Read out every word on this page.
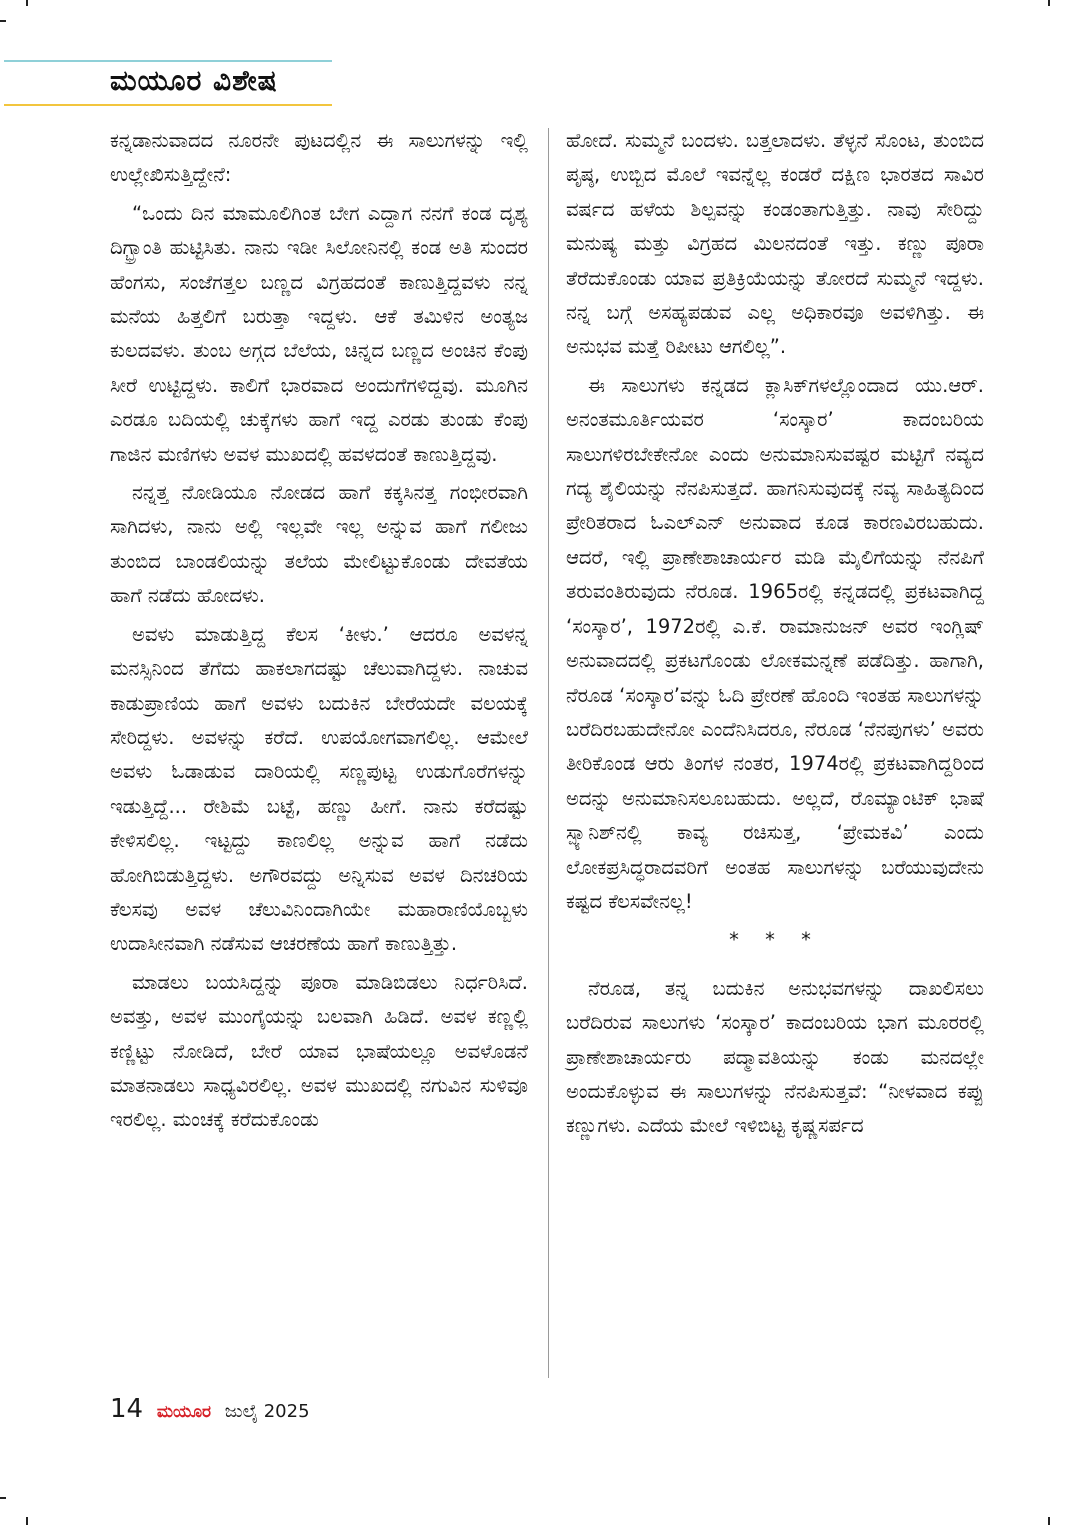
ಮಯೂರ ವಿಶೇಷ

ಕನ್ನಡಾನುವಾದದ ನೂರನೇ ಪುಟದಲ್ಲಿನ ಈ ಸಾಲುಗಳನ್ನು ಇಲ್ಲಿ ಉಲ್ಲೇಖಿಸುತ್ತಿದ್ದೇನೆ:

“ಒಂದು ದಿನ ಮಾಮೂಲಿಗಿಂತ ಬೇಗ ಎದ್ದಾಗ ನನಗೆ ಕಂಡ ದೃಶ್ಯ ದಿಗ್ಭ್ರಾಂತಿ ಹುಟ್ಟಿಸಿತು. ನಾನು ಇಡೀ ಸಿಲೋನಿನಲ್ಲಿ ಕಂಡ ಅತಿ ಸುಂದರ ಹೆಂಗಸು, ಸಂಜೆಗತ್ತಲ ಬಣ್ಣದ ವಿಗ್ರಹದಂತೆ ಕಾಣುತ್ತಿದ್ದವಳು ನನ್ನ ಮನೆಯ ಹಿತ್ತಲಿಗೆ ಬರುತ್ತಾ ಇದ್ದಳು. ಆಕೆ ತಮಿಳಿನ ಅಂತ್ಯಜ ಕುಲದವಳು. ತುಂಬ ಅಗ್ಗದ ಬೆಲೆಯ, ಚಿನ್ನದ ಬಣ್ಣದ ಅಂಚಿನ ಕೆಂಪು ಸೀರೆ ಉಟ್ಟಿದ್ದಳು. ಕಾಲಿಗೆ ಭಾರವಾದ ಅಂದುಗೆಗಳಿದ್ದವು. ಮೂಗಿನ ಎರಡೂ ಬದಿಯಲ್ಲಿ ಚುಕ್ಕೆಗಳು ಹಾಗೆ ಇದ್ದ ಎರಡು ತುಂಡು ಕೆಂಪು ಗಾಜಿನ ಮಣಿಗಳು ಅವಳ ಮುಖದಲ್ಲಿ ಹವಳದಂತೆ ಕಾಣುತ್ತಿದ್ದವು.

ನನ್ನತ್ತ ನೋಡಿಯೂ ನೋಡದ ಹಾಗೆ ಕಕ್ಕಸಿನತ್ತ ಗಂಭೀರವಾಗಿ ಸಾಗಿದಳು, ನಾನು ಅಲ್ಲಿ ಇಲ್ಲವೇ ಇಲ್ಲ ಅನ್ನುವ ಹಾಗೆ ಗಲೀಜು ತುಂಬಿದ ಬಾಂಡಲಿಯನ್ನು ತಲೆಯ ಮೇಲಿಟ್ಟುಕೊಂಡು ದೇವತೆಯ ಹಾಗೆ ನಡೆದು ಹೋದಳು.

ಅವಳು ಮಾಡುತ್ತಿದ್ದ ಕೆಲಸ ‘ಕೀಳು.’ ಆದರೂ ಅವಳನ್ನ ಮನಸ್ಸಿನಿಂದ ತೆಗೆದು ಹಾಕಲಾಗದಷ್ಟು ಚೆಲುವಾಗಿದ್ದಳು. ನಾಚುವ ಕಾಡುಪ್ರಾಣಿಯ ಹಾಗೆ ಅವಳು ಬದುಕಿನ ಬೇರೆಯದೇ ವಲಯಕ್ಕೆ ಸೇರಿದ್ದಳು. ಅವಳನ್ನು ಕರೆದೆ. ಉಪಯೋಗವಾಗಲಿಲ್ಲ. ಆಮೇಲೆ ಅವಳು ಓಡಾಡುವ ದಾರಿಯಲ್ಲಿ ಸಣ್ಣಪುಟ್ಟ ಉಡುಗೊರೆಗಳನ್ನು ಇಡುತ್ತಿದ್ದೆ... ರೇಶಿಮೆ ಬಟ್ಟೆ, ಹಣ್ಣು ಹೀಗೆ. ನಾನು ಕರೆದಷ್ಟು ಕೇಳಿಸಲಿಲ್ಲ. ಇಟ್ಟದ್ದು ಕಾಣಲಿಲ್ಲ ಅನ್ನುವ ಹಾಗೆ ನಡೆದು ಹೋಗಿಬಿಡುತ್ತಿದ್ದಳು. ಅಗೌರವದ್ದು ಅನ್ನಿಸುವ ಅವಳ ದಿನಚರಿಯ ಕೆಲಸವು ಅವಳ ಚೆಲುವಿನಿಂದಾಗಿಯೇ ಮಹಾರಾಣಿಯೊಬ್ಬಳು ಉದಾಸೀನವಾಗಿ ನಡೆಸುವ ಆಚರಣೆಯ ಹಾಗೆ ಕಾಣುತ್ತಿತ್ತು.

ಮಾಡಲು ಬಯಸಿದ್ದನ್ನು ಪೂರಾ ಮಾಡಿಬಿಡಲು ನಿರ್ಧರಿಸಿದೆ. ಅವತ್ತು, ಅವಳ ಮುಂಗೈಯನ್ನು ಬಲವಾಗಿ ಹಿಡಿದೆ. ಅವಳ ಕಣ್ಣಲ್ಲಿ ಕಣ್ಣಿಟ್ಟು ನೋಡಿದೆ, ಬೇರೆ ಯಾವ ಭಾಷೆಯಲ್ಲೂ ಅವಳೊಡನೆ ಮಾತನಾಡಲು ಸಾಧ್ಯವಿರಲಿಲ್ಲ. ಅವಳ ಮುಖದಲ್ಲಿ ನಗುವಿನ ಸುಳಿವೂ ಇರಲಿಲ್ಲ. ಮಂಚಕ್ಕೆ ಕರೆದುಕೊಂಡು

ಹೋದೆ. ಸುಮ್ಮನೆ ಬಂದಳು. ಬತ್ತಲಾದಳು. ತೆಳ್ಳನೆ ಸೊಂಟ, ತುಂಬಿದ ಪೃಷ್ಠ, ಉಬ್ಬಿದ ಮೊಲೆ ಇವನ್ನೆಲ್ಲ ಕಂಡರೆ ದಕ್ಷಿಣ ಭಾರತದ ಸಾವಿರ ವರ್ಷದ ಹಳೆಯ ಶಿಲ್ಪವನ್ನು ಕಂಡಂತಾಗುತ್ತಿತ್ತು. ನಾವು ಸೇರಿದ್ದು ಮನುಷ್ಯ ಮತ್ತು ವಿಗ್ರಹದ ಮಿಲನದಂತೆ ಇತ್ತು. ಕಣ್ಣು ಪೂರಾ ತೆರೆದುಕೊಂಡು ಯಾವ ಪ್ರತಿಕ್ರಿಯೆಯನ್ನು ತೋರದೆ ಸುಮ್ಮನೆ ಇದ್ದಳು. ನನ್ನ ಬಗ್ಗೆ ಅಸಹ್ಯಪಡುವ ಎಲ್ಲ ಅಧಿಕಾರವೂ ಅವಳಿಗಿತ್ತು. ಈ ಅನುಭವ ಮತ್ತೆ ರಿಪೀಟು ಆಗಲಿಲ್ಲ”.

ಈ ಸಾಲುಗಳು ಕನ್ನಡದ ಕ್ಲಾಸಿಕ್‌ಗಳಲ್ಲೊಂದಾದ ಯು.ಆರ್. ಅನಂತಮೂರ್ತಿಯವರ ‘ಸಂಸ್ಕಾರ’ ಕಾದಂಬರಿಯ ಸಾಲುಗಳಿರಬೇಕೇನೋ ಎಂದು ಅನುಮಾನಿಸುವಷ್ಟರ ಮಟ್ಟಿಗೆ ನವ್ಯದ ಗದ್ಯ ಶೈಲಿಯನ್ನು ನೆನಪಿಸುತ್ತದೆ. ಹಾಗನಿಸುವುದಕ್ಕೆ ನವ್ಯ ಸಾಹಿತ್ಯದಿಂದ ಪ್ರೇರಿತರಾದ ಓಎಲ್‌ಎನ್ ಅನುವಾದ ಕೂಡ ಕಾರಣವಿರಬಹುದು. ಆದರೆ, ಇಲ್ಲಿ ಪ್ರಾಣೇಶಾಚಾರ್ಯರ ಮಡಿ ಮೈಲಿಗೆಯನ್ನು ನೆನಪಿಗೆ ತರುವಂತಿರುವುದು ನೆರೂಡ. 1965ರಲ್ಲಿ ಕನ್ನಡದಲ್ಲಿ ಪ್ರಕಟವಾಗಿದ್ದ ‘ಸಂಸ್ಕಾರ’, 1972ರಲ್ಲಿ ಎ.ಕೆ. ರಾಮಾನುಜನ್ ಅವರ ಇಂಗ್ಲಿಷ್ ಅನುವಾದದಲ್ಲಿ ಪ್ರಕಟಗೊಂಡು ಲೋಕಮನ್ನಣೆ ಪಡೆದಿತ್ತು. ಹಾಗಾಗಿ, ನೆರೂಡ ‘ಸಂಸ್ಕಾರ’ವನ್ನು ಓದಿ ಪ್ರೇರಣೆ ಹೊಂದಿ ಇಂತಹ ಸಾಲುಗಳನ್ನು ಬರೆದಿರಬಹುದೇನೋ ಎಂದೆನಿಸಿದರೂ, ನೆರೂಡ ‘ನೆನಪುಗಳು’ ಅವರು ತೀರಿಕೊಂಡ ಆರು ತಿಂಗಳ ನಂತರ, 1974ರಲ್ಲಿ ಪ್ರಕಟವಾಗಿದ್ದರಿಂದ ಅದನ್ನು ಅನುಮಾನಿಸಲೂಬಹುದು. ಅಲ್ಲದೆ, ರೊಮ್ಯಾಂಟಿಕ್ ಭಾಷೆ ಸ್ಪ್ಯಾನಿಶ್‌ನಲ್ಲಿ ಕಾವ್ಯ ರಚಿಸುತ್ತ, ‘ಪ್ರೇಮಕವಿ’ ಎಂದು ಲೋಕಪ್ರಸಿದ್ಧರಾದವರಿಗೆ ಅಂತಹ ಸಾಲುಗಳನ್ನು ಬರೆಯುವುದೇನು ಕಷ್ಟದ ಕೆಲಸವೇನಲ್ಲ!

* * *

ನೆರೂಡ, ತನ್ನ ಬದುಕಿನ ಅನುಭವಗಳನ್ನು ದಾಖಲಿಸಲು ಬರೆದಿರುವ ಸಾಲುಗಳು ‘ಸಂಸ್ಕಾರ’ ಕಾದಂಬರಿಯ ಭಾಗ ಮೂರರಲ್ಲಿ ಪ್ರಾಣೇಶಾಚಾರ್ಯರು ಪದ್ಮಾವತಿಯನ್ನು ಕಂಡು ಮನದಲ್ಲೇ ಅಂದುಕೊಳ್ಳುವ ಈ ಸಾಲುಗಳನ್ನು ನೆನಪಿಸುತ್ತವೆ: “ನೀಳವಾದ ಕಪ್ಪು ಕಣ್ಣುಗಳು. ಎದೆಯ ಮೇಲೆ ಇಳಿಬಿಟ್ಟ ಕೃಷ್ಣಸರ್ಪದ

14 ಮಯೂರ ಜುಲೈ 2025
